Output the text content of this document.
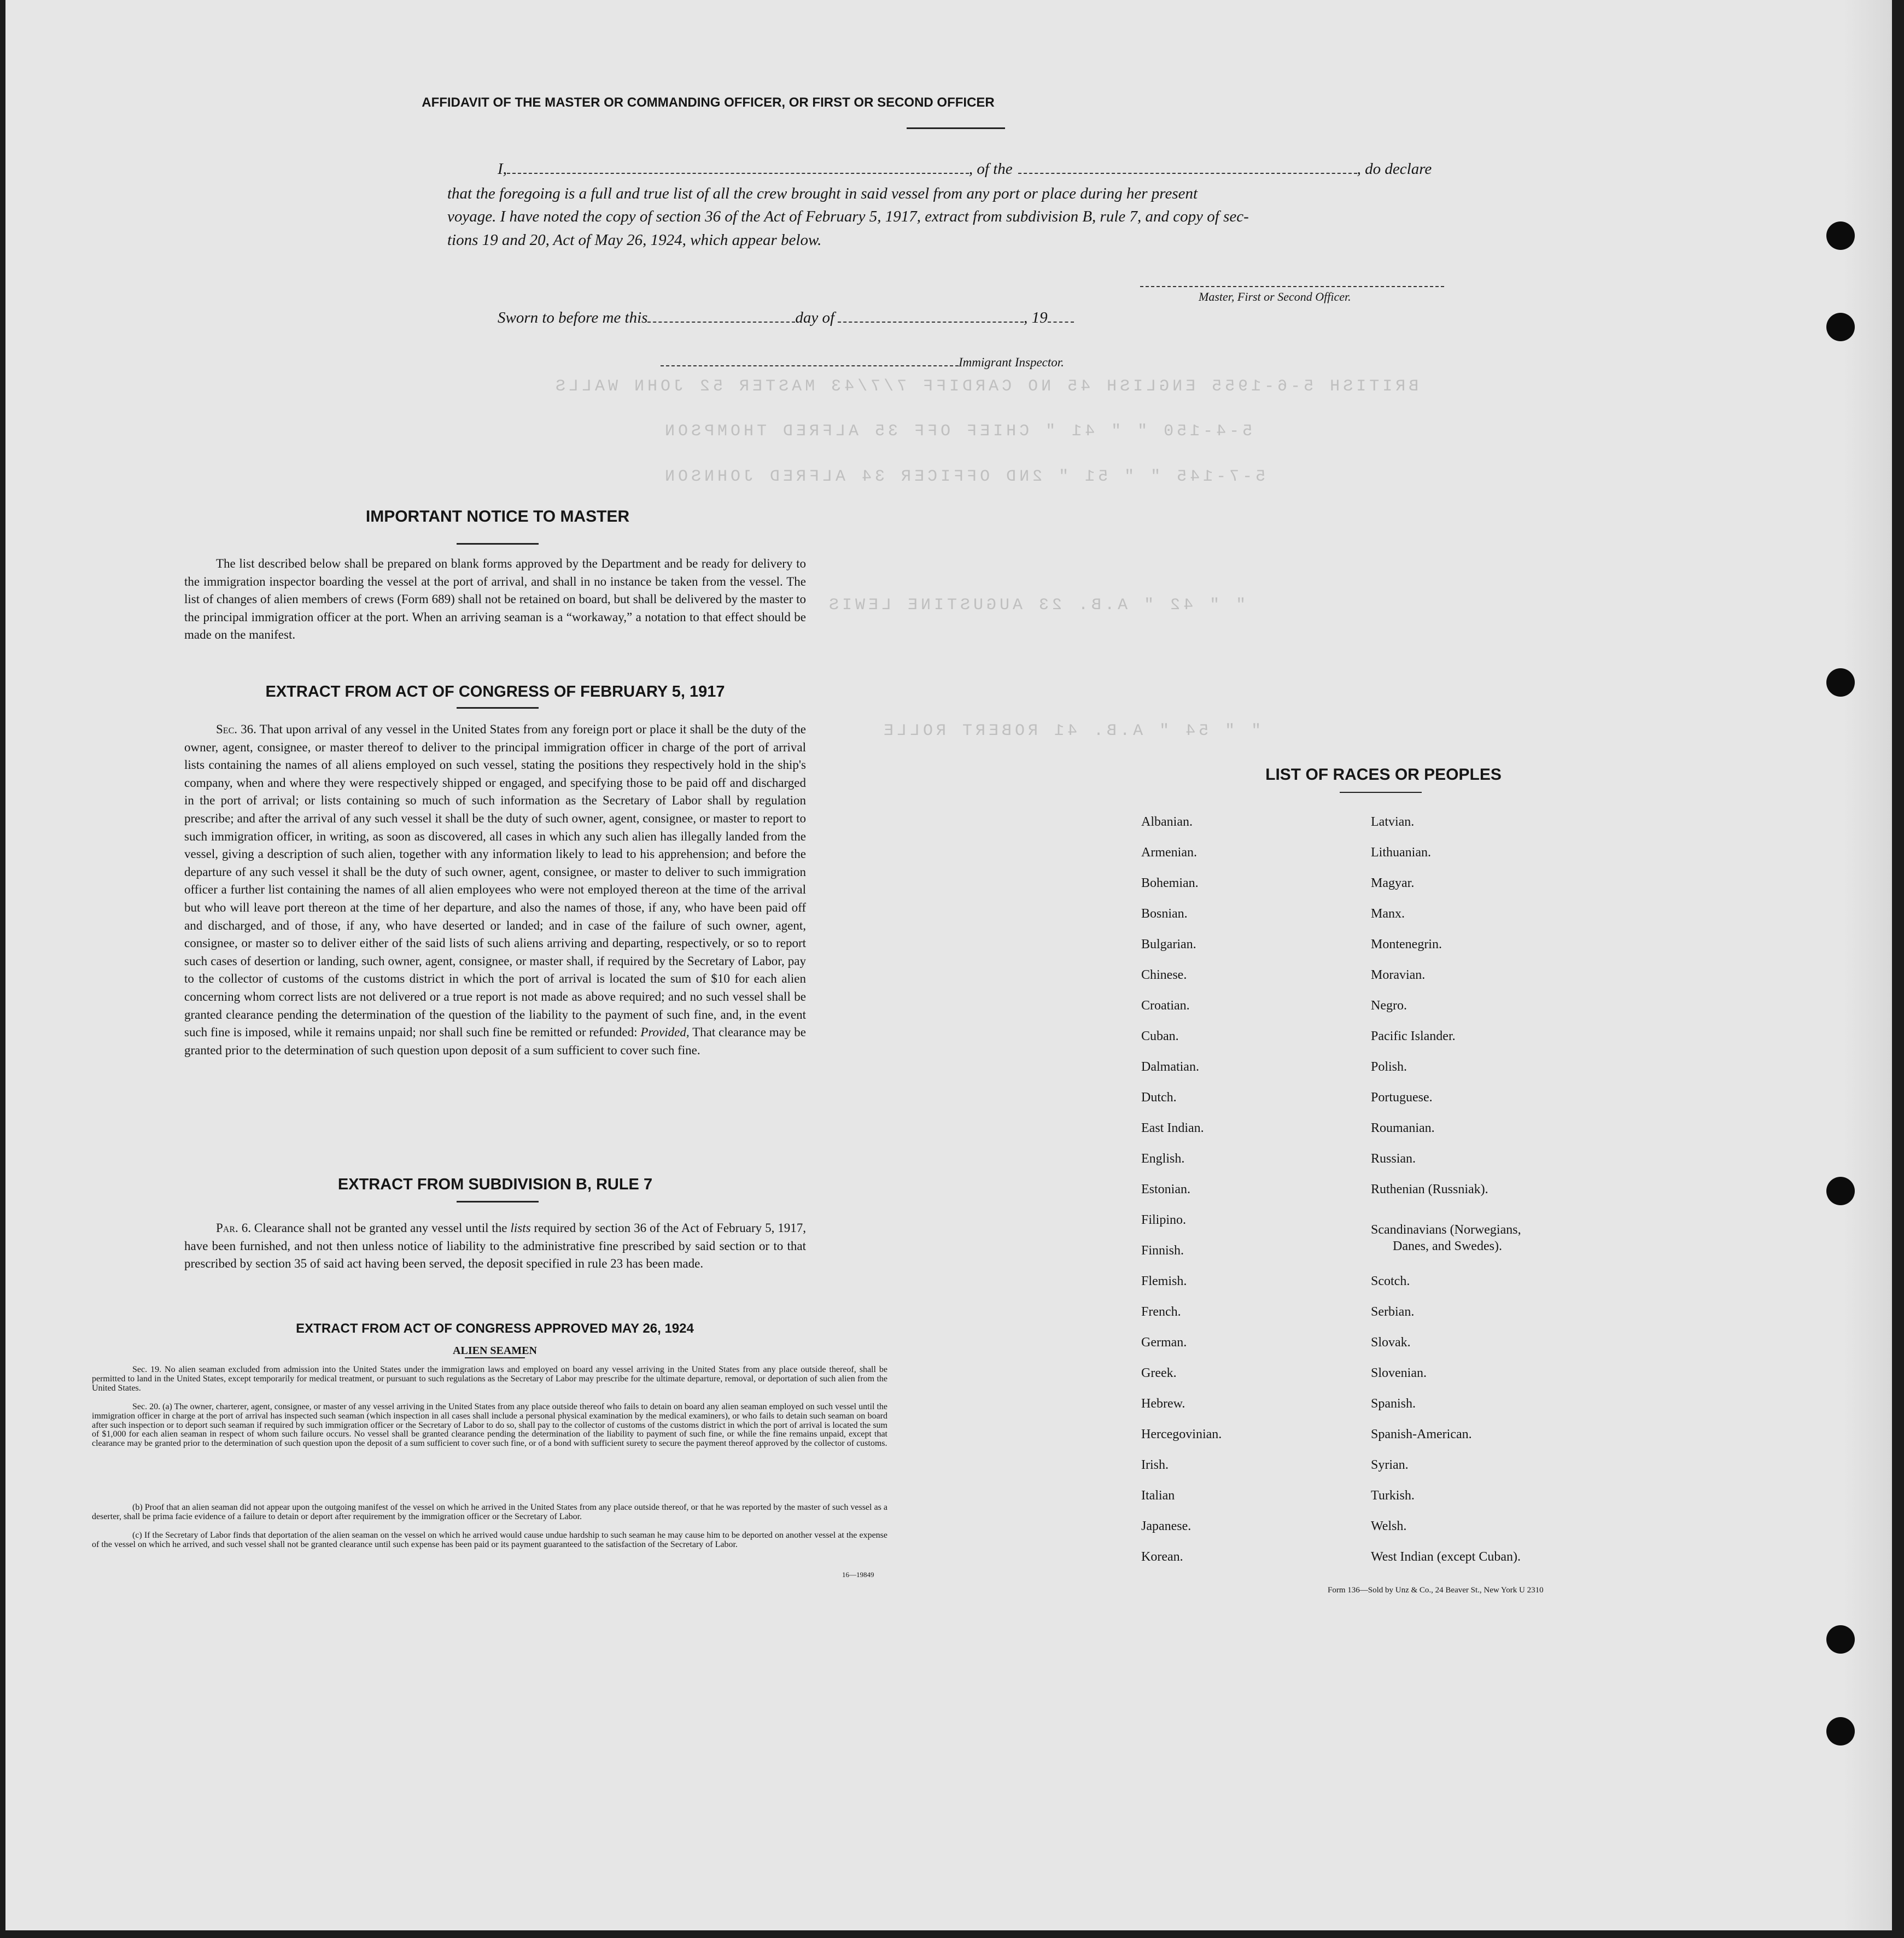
BRITISH 5-6-1955 ENGLISH 45 NO CARDIFF 7/7/43 MASTER 52 JOHN WALLS
5-4-150 " " 41 " CHIEF OFF 35 ALFRED THOMPSON
5-7-145 " " 51 " 2ND OFFICER 34 ALFRED JOHNSON
" " 42 " A.B. 23 AUGUSTINE LEWIS
" " 54 " A.B. 41 ROBERT ROLLE
AFFIDAVIT OF THE MASTER OR COMMANDING OFFICER, OR FIRST OR SECOND OFFICER
I,	, of the	, do declare
that the foregoing is a full and true list of all the crew brought in said vessel from any port or place during her present
voyage. I have noted the copy of section 36 of the Act of February 5, 1917, extract from subdivision B, rule 7, and copy of sec-
tions 19 and 20, Act of May 26, 1924, which appear below.
Master, First or Second Officer.
Sworn to before me this	day of	, 19
Immigrant Inspector.
IMPORTANT NOTICE TO MASTER
The list described below shall be prepared on blank forms approved by the Department and be ready for delivery to the immigration inspector boarding the vessel at the port of arrival, and shall in no instance be taken from the vessel. The list of changes of alien members of crews (Form 689) shall not be retained on board, but shall be delivered by the master to the principal immigration officer at the port. When an arriving seaman is a “workaway,” a notation to that effect should be made on the manifest.
EXTRACT FROM ACT OF CONGRESS OF FEBRUARY 5, 1917
Sec. 36. That upon arrival of any vessel in the United States from any foreign port or place it shall be the duty of the owner, agent, consignee, or master thereof to deliver to the principal immigration officer in charge of the port of arrival lists containing the names of all aliens employed on such vessel, stating the positions they respectively hold in the ship's company, when and where they were respectively shipped or engaged, and specifying those to be paid off and discharged in the port of arrival; or lists containing so much of such information as the Secretary of Labor shall by regulation prescribe; and after the arrival of any such vessel it shall be the duty of such owner, agent, consignee, or master to report to such immigration officer, in writing, as soon as discovered, all cases in which any such alien has illegally landed from the vessel, giving a description of such alien, together with any information likely to lead to his apprehension; and before the departure of any such vessel it shall be the duty of such owner, agent, consignee, or master to deliver to such immigration officer a further list containing the names of all alien employees who were not employed thereon at the time of the arrival but who will leave port thereon at the time of her departure, and also the names of those, if any, who have been paid off and discharged, and of those, if any, who have deserted or landed; and in case of the failure of such owner, agent, consignee, or master so to deliver either of the said lists of such aliens arriving and departing, respectively, or so to report such cases of desertion or landing, such owner, agent, consignee, or master shall, if required by the Secretary of Labor, pay to the collector of customs of the customs district in which the port of arrival is located the sum of $10 for each alien concerning whom correct lists are not delivered or a true report is not made as above required; and no such vessel shall be granted clearance pending the determination of the question of the liability to the payment of such fine, and, in the event such fine is imposed, while it remains unpaid; nor shall such fine be remitted or refunded: Provided, That clearance may be granted prior to the determination of such question upon deposit of a sum sufficient to cover such fine.
EXTRACT FROM SUBDIVISION B, RULE 7
Par. 6. Clearance shall not be granted any vessel until the lists required by section 36 of the Act of February 5, 1917, have been furnished, and not then unless notice of liability to the administrative fine prescribed by said section or to that prescribed by section 35 of said act having been served, the deposit specified in rule 23 has been made.
EXTRACT FROM ACT OF CONGRESS APPROVED MAY 26, 1924
ALIEN SEAMEN
Sec. 19. No alien seaman excluded from admission into the United States under the immigration laws and employed on board any vessel arriving in the United States from any place outside thereof, shall be permitted to land in the United States, except temporarily for medical treatment, or pursuant to such regulations as the Secretary of Labor may prescribe for the ultimate departure, removal, or deportation of such alien from the United States.
Sec. 20. (a) The owner, charterer, agent, consignee, or master of any vessel arriving in the United States from any place outside thereof who fails to detain on board any alien seaman employed on such vessel until the immigration officer in charge at the port of arrival has inspected such seaman (which inspection in all cases shall include a personal physical examination by the medical examiners), or who fails to detain such seaman on board after such inspection or to deport such seaman if required by such immigration officer or the Secretary of Labor to do so, shall pay to the collector of customs of the customs district in which the port of arrival is located the sum of $1,000 for each alien seaman in respect of whom such failure occurs. No vessel shall be granted clearance pending the determination of the liability to payment of such fine, or while the fine remains unpaid, except that clearance may be granted prior to the determination of such question upon the deposit of a sum sufficient to cover such fine, or of a bond with sufficient surety to secure the payment thereof approved by the collector of customs.
(b) Proof that an alien seaman did not appear upon the outgoing manifest of the vessel on which he arrived in the United States from any place outside thereof, or that he was reported by the master of such vessel as a deserter, shall be prima facie evidence of a failure to detain or deport after requirement by the immigration officer or the Secretary of Labor.
(c) If the Secretary of Labor finds that deportation of the alien seaman on the vessel on which he arrived would cause undue hardship to such seaman he may cause him to be deported on another vessel at the expense of the vessel on which he arrived, and such vessel shall not be granted clearance until such expense has been paid or its payment guaranteed to the satisfaction of the Secretary of Labor.
16—19849
LIST OF RACES OR PEOPLES
Albanian.
Armenian.
Bohemian.
Bosnian.
Bulgarian.
Chinese.
Croatian.
Cuban.
Dalmatian.
Dutch.
East Indian.
English.
Estonian.
Filipino.
Finnish.
Flemish.
French.
German.
Greek.
Hebrew.
Hercegovinian.
Irish.
Italian
Japanese.
Korean.
Latvian.
Lithuanian.
Magyar.
Manx.
Montenegrin.
Moravian.
Negro.
Pacific Islander.
Polish.
Portuguese.
Roumanian.
Russian.
Ruthenian (Russniak).
Scandinavians (Norwegians,
Danes, and Swedes).
Scotch.
Serbian.
Slovak.
Slovenian.
Spanish.
Spanish-American.
Syrian.
Turkish.
Welsh.
West Indian (except Cuban).
Form 136—Sold by Unz & Co., 24 Beaver St., New York U 2310
